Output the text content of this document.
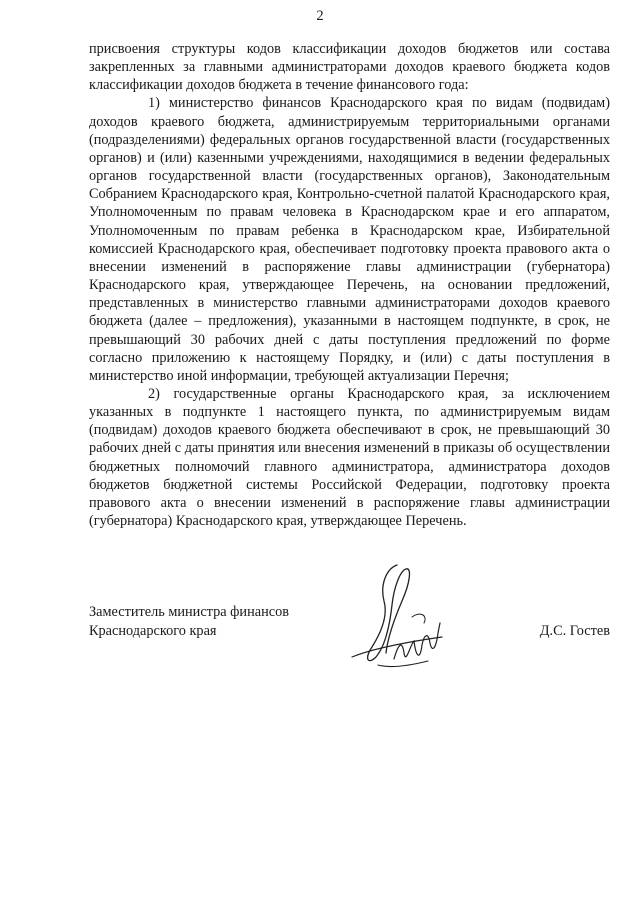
2

присвоения структуры кодов классификации доходов бюджетов или состава закрепленных за главными администраторами доходов краевого бюджета кодов классификации доходов бюджета в течение финансового года:

1) министерство финансов Краснодарского края по видам (подвидам) доходов краевого бюджета, администрируемым территориальными органами (подразделениями) федеральных органов государственной власти (государственных органов) и (или) казенными учреждениями, находящимися в ведении федеральных органов государственной власти (государственных органов), Законодательным Собранием Краснодарского края, Контрольно-счетной палатой Краснодарского края, Уполномоченным по правам человека в Краснодарском крае и его аппаратом, Уполномоченным по правам ребенка в Краснодарском крае, Избирательной комиссией Краснодарского края, обеспечивает подготовку проекта правового акта о внесении изменений в распоряжение главы администрации (губернатора) Краснодарского края, утверждающее Перечень, на основании предложений, представленных в министерство главными администраторами доходов краевого бюджета (далее – предложения), указанными в настоящем подпункте, в срок, не превышающий 30 рабочих дней с даты поступления предложений по форме согласно приложению к настоящему Порядку, и (или) с даты поступления в министерство иной информации, требующей актуализации Перечня;

2) государственные органы Краснодарского края, за исключением указанных в подпункте 1 настоящего пункта, по администрируемым видам (подвидам) доходов краевого бюджета обеспечивают в срок, не превышающий 30 рабочих дней с даты принятия или внесения изменений в приказы об осуществлении бюджетных полномочий главного администратора, администратора доходов бюджетов бюджетной системы Российской Федерации, подготовку проекта правового акта о внесении изменений в распоряжение главы администрации (губернатора) Краснодарского края, утверждающее Перечень.

Заместитель министра финансов
Краснодарского края	Д.С. Гостев
